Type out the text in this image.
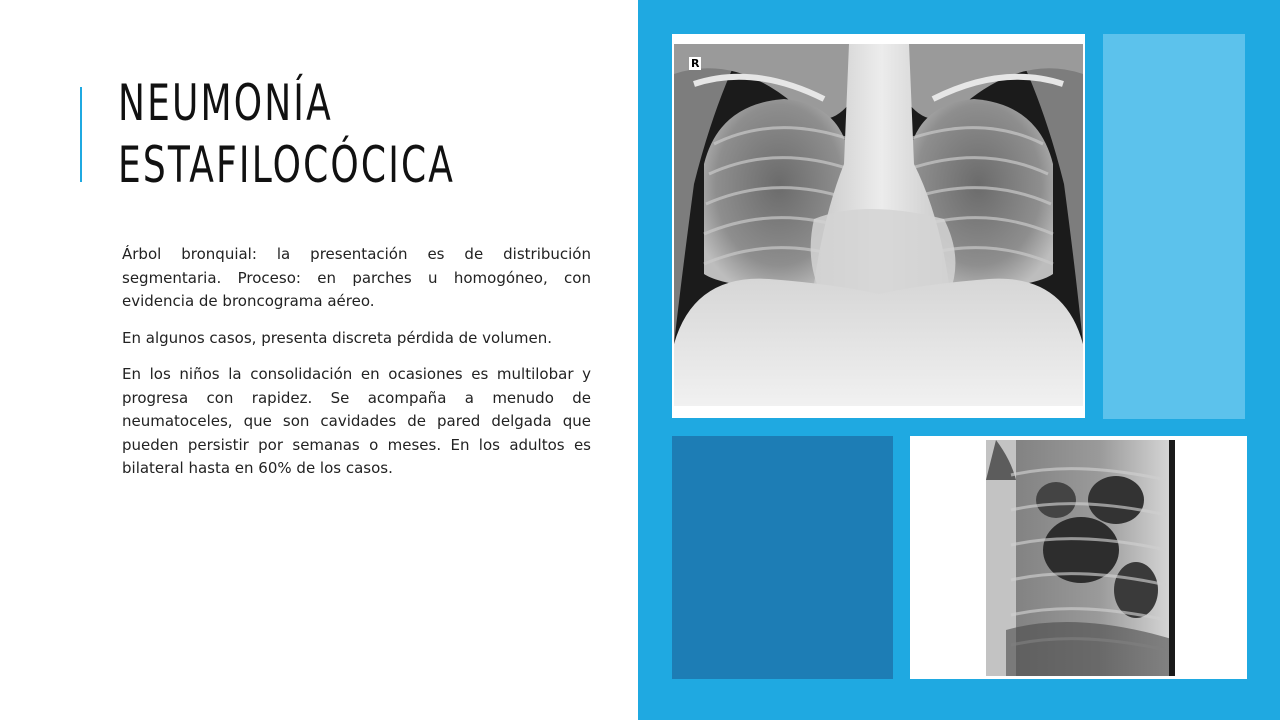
NEUMONÍA
ESTAFILOCÓCICA

Árbol bronquial: la presentación es de distribución segmentaria. Proceso: en parches u homogóneo, con evidencia de broncograma aéreo.

En algunos casos, presenta discreta pérdida de volumen.

En los niños la consolidación en ocasiones es multilobar y progresa con rapidez. Se acompaña a menudo de neumatoceles, que son cavidades de pared delgada que pueden persistir por semanas o meses. En los adultos es bilateral hasta en 60% de los casos.

R
